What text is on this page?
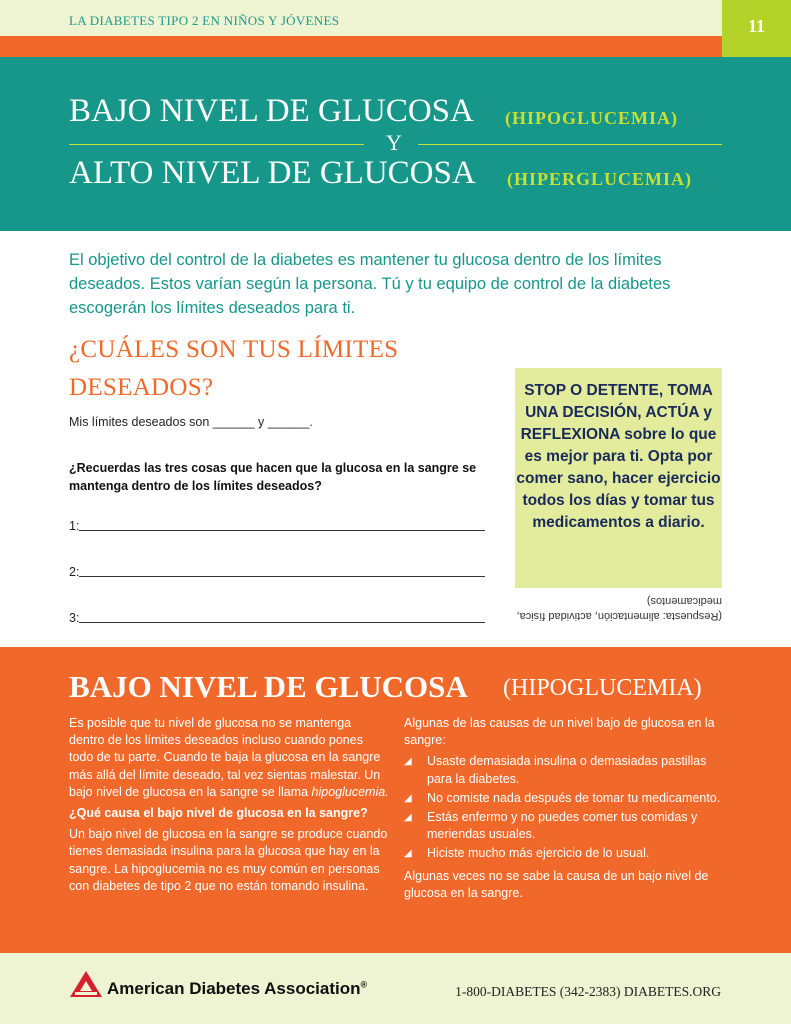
LA DIABETES TIPO 2 EN NIÑOS Y JÓVENES	11
BAJO NIVEL DE GLUCOSA (HIPOGLUCEMIA)
Y
ALTO NIVEL DE GLUCOSA (HIPERGLUCEMIA)
El objetivo del control de la diabetes es mantener tu glucosa dentro de los límites deseados. Estos varían según la persona. Tú y tu equipo de control de la diabetes escogerán los límites deseados para ti.
¿CUÁLES SON TUS LÍMITES DESEADOS?
Mis límites deseados son ______ y ______.
¿Recuerdas las tres cosas que hacen que la glucosa en la sangre se mantenga dentro de los límites deseados?
1:
2:
3:
STOP O DETENTE, TOMA UNA DECISIÓN, ACTÚA y REFLEXIONA sobre lo que es mejor para ti. Opta por comer sano, hacer ejercicio todos los días y tomar tus medicamentos a diario.
(Respuesta: alimentación, actividad física, medicamentos)
BAJO NIVEL DE GLUCOSA (HIPOGLUCEMIA)

Es posible que tu nivel de glucosa no se mantenga dentro de los límites deseados incluso cuando pones todo de tu parte. Cuando te baja la glucosa en la sangre más allá del límite deseado, tal vez sientas malestar. Un bajo nivel de glucosa en la sangre se llama hipoglucemia.

¿Qué causa el bajo nivel de glucosa en la sangre?

Un bajo nivel de glucosa en la sangre se produce cuando tienes demasiada insulina para la glucosa que hay en la sangre. La hipoglucemia no es muy común en personas con diabetes de tipo 2 que no están tomando insulina.

Algunas de las causas de un nivel bajo de glucosa en la sangre:

◢ Usaste demasiada insulina o demasiadas pastillas para la diabetes.
◢ No comiste nada después de tomar tu medicamento.
◢ Estás enfermo y no puedes comer tus comidas y meriendas usuales.
◢ Hiciste mucho más ejercicio de lo usual.

Algunas veces no se sabe la causa de un bajo nivel de glucosa en la sangre.

American Diabetes Association®	1-800-DIABETES (342-2383) DIABETES.ORG
